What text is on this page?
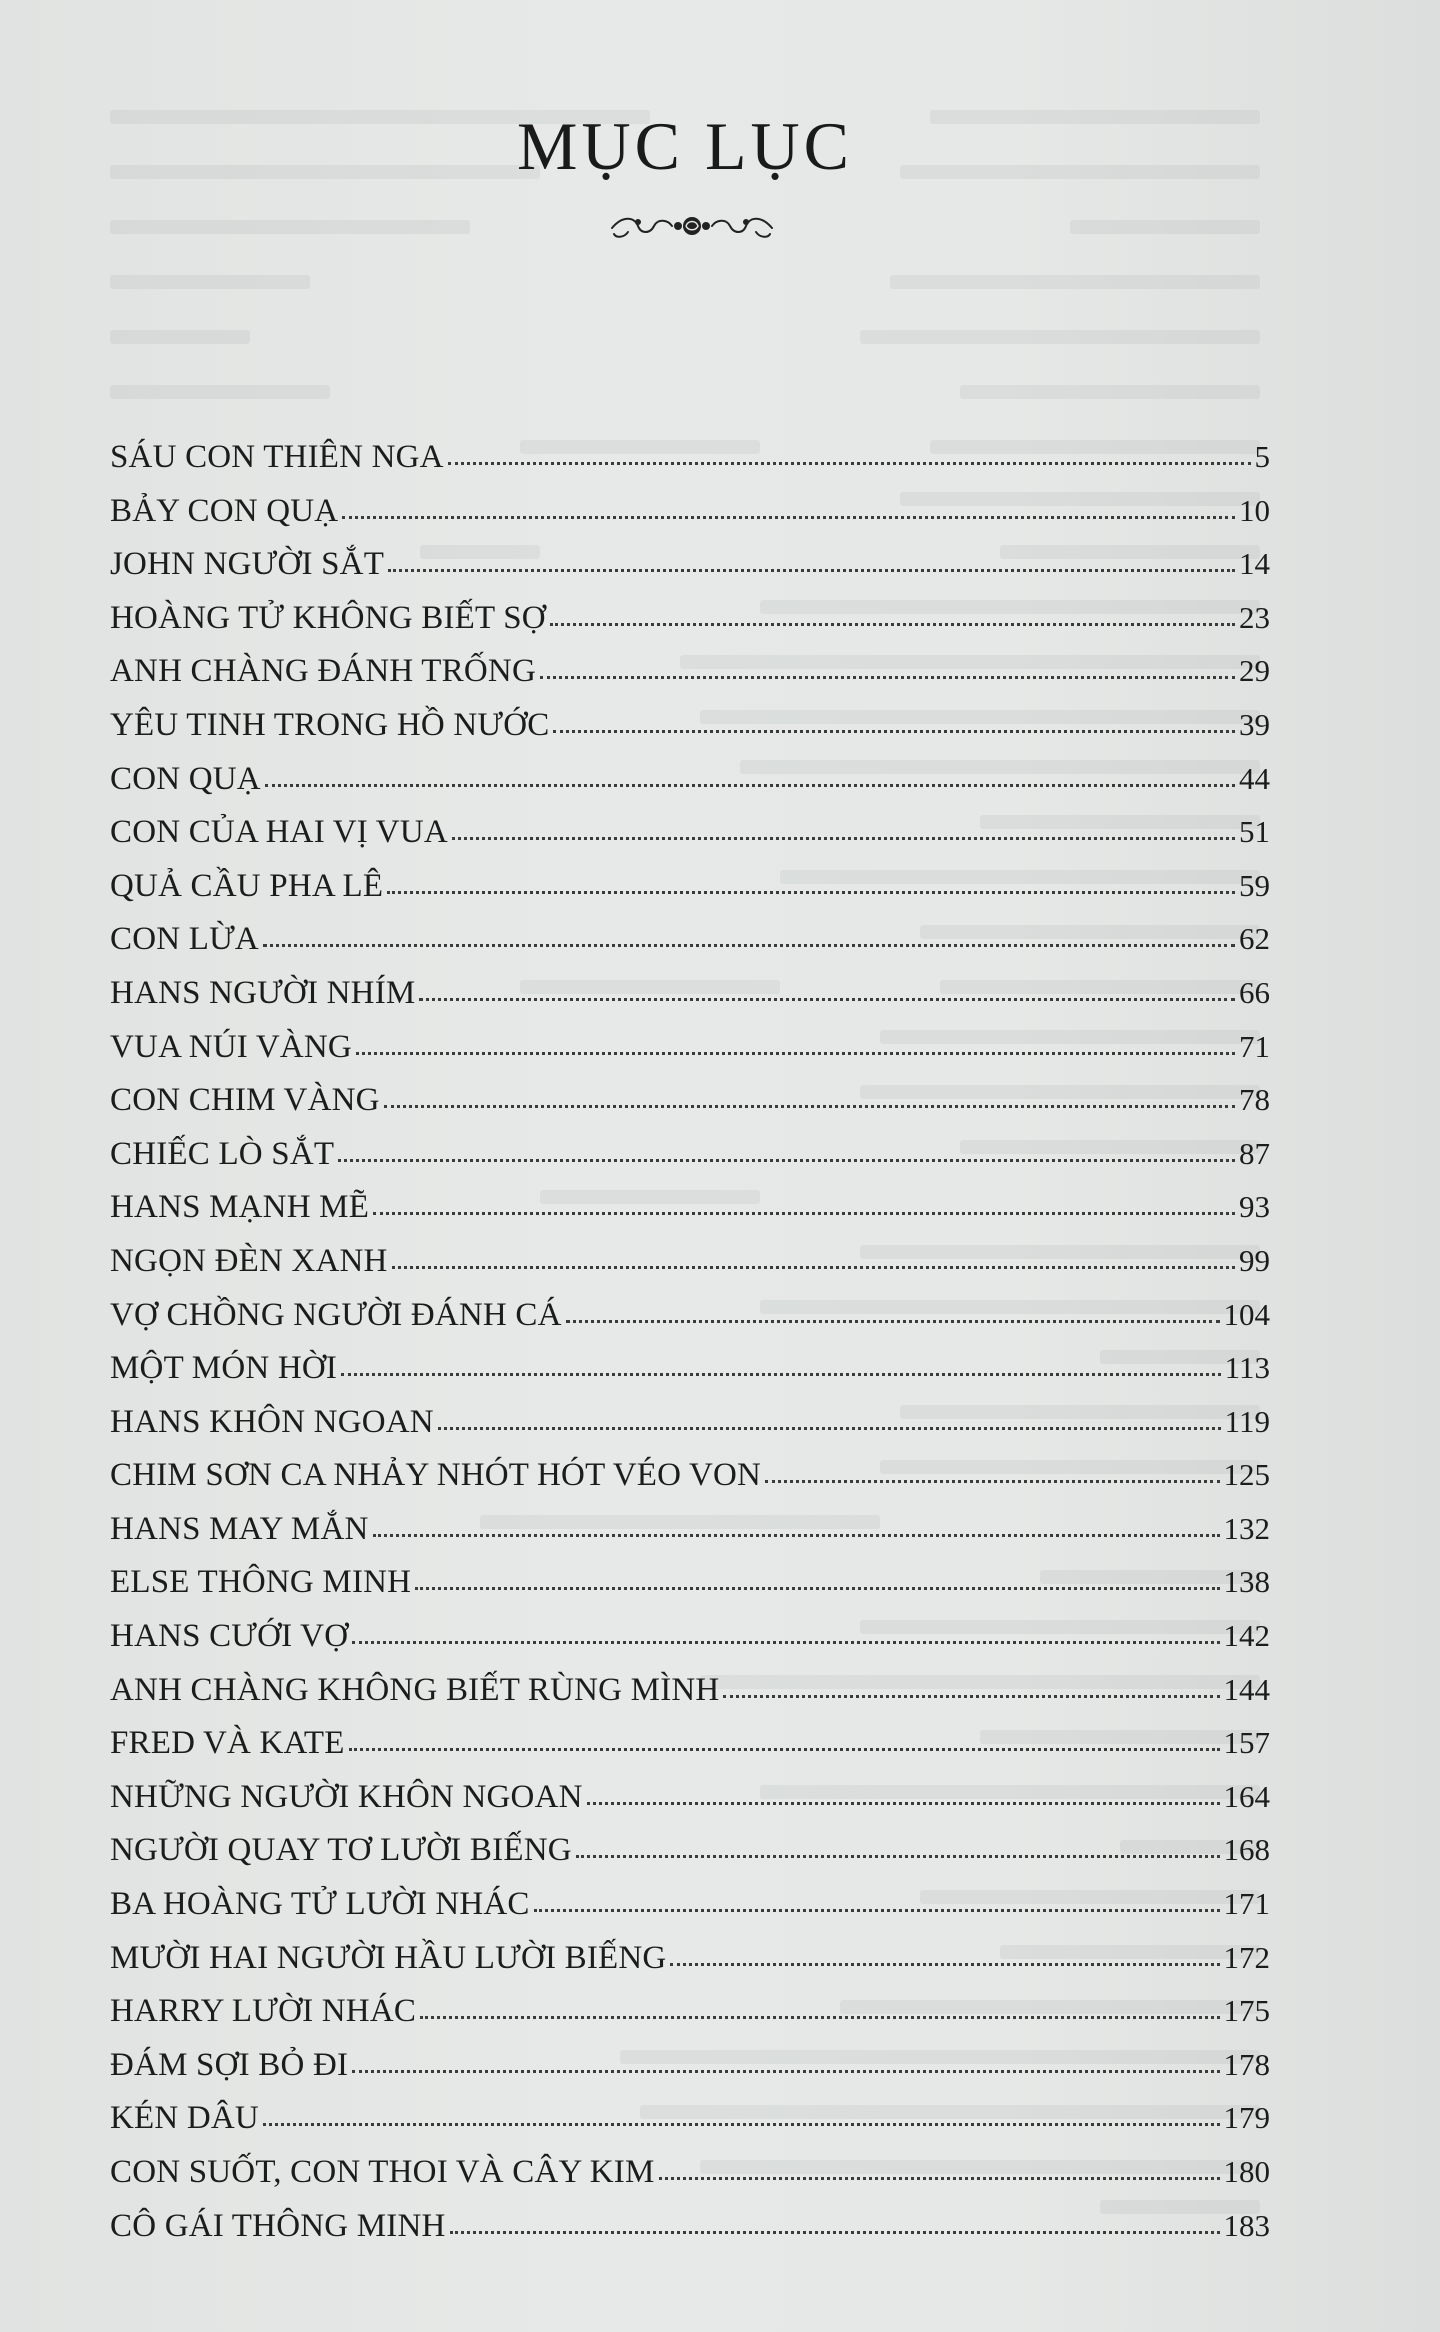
MỤC LỤC
SÁU CON THIÊN NGA	5
BẢY CON QUẠ	10
JOHN NGƯỜI SẮT	14
HOÀNG TỬ KHÔNG BIẾT SỢ	23
ANH CHÀNG ĐÁNH TRỐNG	29
YÊU TINH TRONG HỒ NƯỚC	39
CON QUẠ	44
CON CỦA HAI VỊ VUA	51
QUẢ CẦU PHA LÊ	59
CON LỪA	62
HANS NGƯỜI NHÍM	66
VUA NÚI VÀNG	71
CON CHIM VÀNG	78
CHIẾC LÒ SẮT	87
HANS MẠNH MẼ	93
NGỌN ĐÈN XANH	99
VỢ CHỒNG NGƯỜI ĐÁNH CÁ	104
MỘT MÓN HỜI	113
HANS KHÔN NGOAN	119
CHIM SƠN CA NHẢY NHÓT HÓT VÉO VON	125
HANS MAY MẮN	132
ELSE THÔNG MINH	138
HANS CƯỚI VỢ	142
ANH CHÀNG KHÔNG BIẾT RÙNG MÌNH	144
FRED VÀ KATE	157
NHỮNG NGƯỜI KHÔN NGOAN	164
NGƯỜI QUAY TƠ LƯỜI BIẾNG	168
BA HOÀNG TỬ LƯỜI NHÁC	171
MƯỜI HAI NGƯỜI HẦU LƯỜI BIẾNG	172
HARRY LƯỜI NHÁC	175
ĐÁM SỢI BỎ ĐI	178
KÉN DÂU	179
CON SUỐT, CON THOI VÀ CÂY KIM	180
CÔ GÁI THÔNG MINH	183
